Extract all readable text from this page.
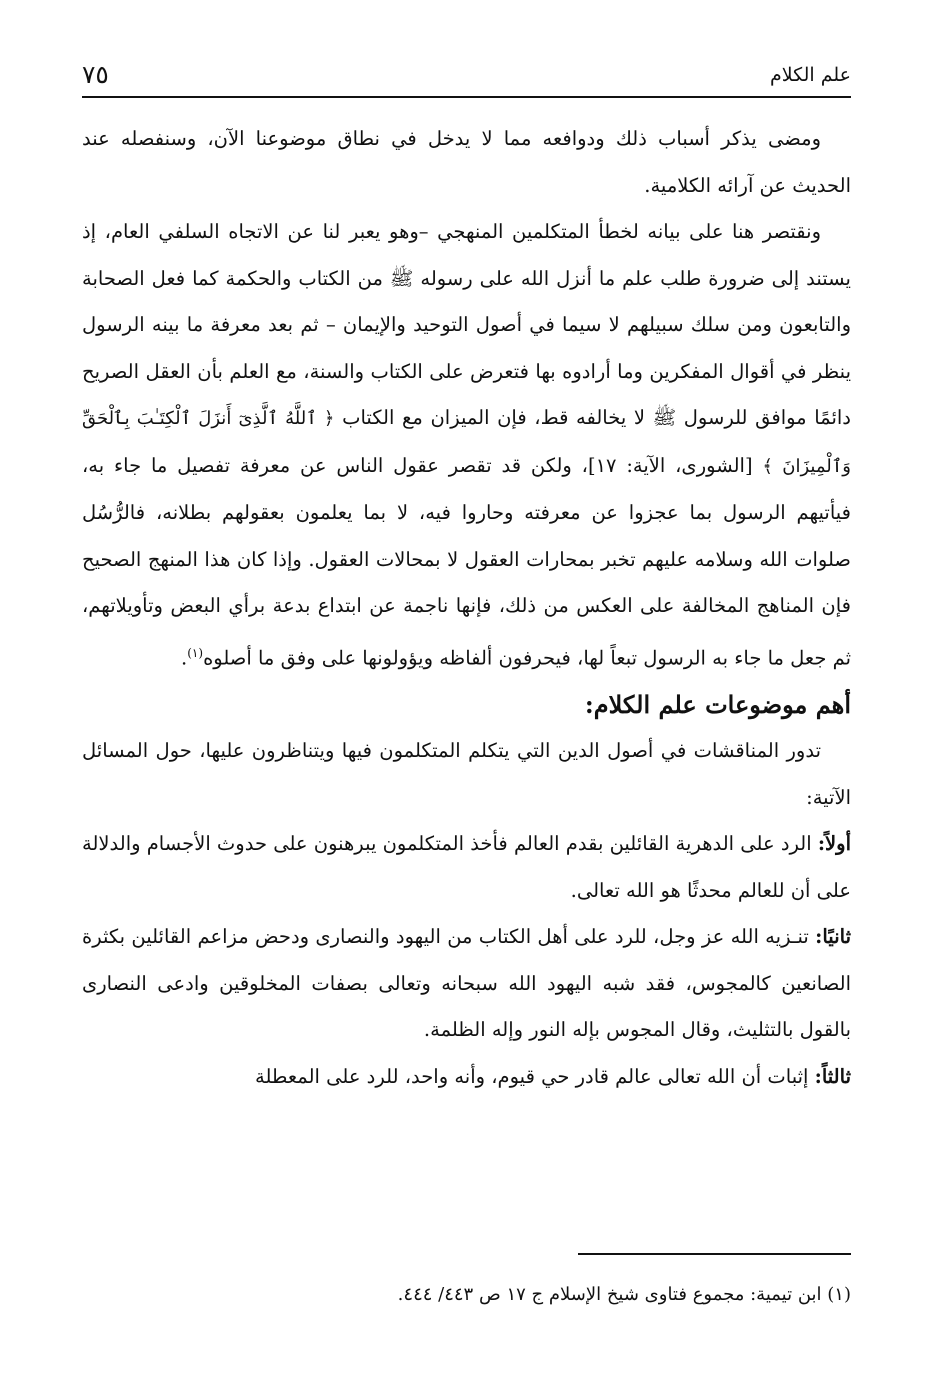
علم الكلام
٧٥

ومضى يذكر أسباب ذلك ودوافعه مما لا يدخل في نطاق موضوعنا الآن، وسنفصله عند الحديث عن آرائه الكلامية.

ونقتصر هنا على بيانه لخطأ المتكلمين المنهجي –وهو يعبر لنا عن الاتجاه السلفي العام، إذ يستند إلى ضرورة طلب علم ما أنزل الله على رسوله ﷺ من الكتاب والحكمة كما فعل الصحابة والتابعون ومن سلك سبيلهم لا سيما في أصول التوحيد والإيمان – ثم بعد معرفة ما بينه الرسول ينظر في أقوال المفكرين وما أرادوه بها فتعرض على الكتاب والسنة، مع العلم بأن العقل الصريح دائمًا موافق للرسول ﷺ لا يخالفه قط، فإن الميزان مع الكتاب ﴿ ٱللَّهُ ٱلَّذِىٓ أَنزَلَ ٱلْكِتَـٰبَ بِٱلْحَقِّ وَٱلْمِيزَانَ ﴾ [الشورى، الآية: ١٧]، ولكن قد تقصر عقول الناس عن معرفة تفصيل ما جاء به، فيأتيهم الرسول بما عجزوا عن معرفته وحاروا فيه، لا بما يعلمون بعقولهم بطلانه، فالرُّسُل صلوات الله وسلامه عليهم تخبر بمحارات العقول لا بمحالات العقول. وإذا كان هذا المنهج الصحيح فإن المناهج المخالفة على العكس من ذلك، فإنها ناجمة عن ابتداع بدعة برأي البعض وتأويلاتهم، ثم جعل ما جاء به الرسول تبعاً لها، فيحرفون ألفاظه ويؤولونها على وفق ما أصلوه$^{(١)}$.

أهم موضوعات علم الكلام:

تدور المناقشات في أصول الدين التي يتكلم المتكلمون فيها ويتناظرون عليها، حول المسائل الآتية:

أولاً: الرد على الدهرية القائلين بقدم العالم فأخذ المتكلمون يبرهنون على حدوث الأجسام والدلالة على أن للعالم محدثًا هو الله تعالى.

ثانيًا: تنـزيه الله عز وجل، للرد على أهل الكتاب من اليهود والنصارى ودحض مزاعم القائلين بكثرة الصانعين كالمجوس، فقد شبه اليهود الله سبحانه وتعالى بصفات المخلوقين وادعى النصارى بالقول بالتثليث، وقال المجوس بإله النور وإله الظلمة.

ثالثاً: إثبات أن الله تعالى عالم قادر حي قيوم، وأنه واحد، للرد على المعطلة

(١) ابن تيمية: مجموع فتاوى شيخ الإسلام ج ١٧ ص ٤٤٣/ ٤٤٤.
